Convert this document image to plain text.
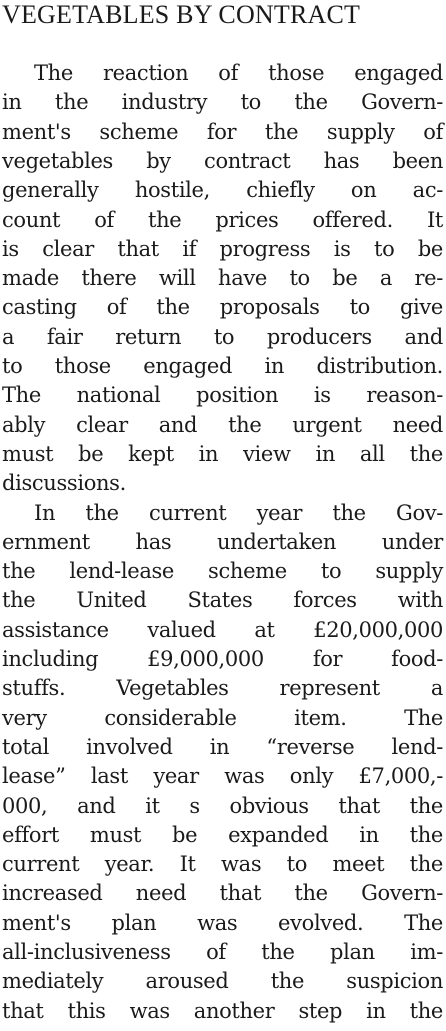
VEGETABLES BY CONTRACT
The reaction of those engaged
in the industry to the Govern-
ment's scheme for the supply of
vegetables by contract has been
generally hostile, chiefly on ac-
count of the prices offered. It
is clear that if progress is to be
made there will have to be a re-
casting of the proposals to give
a fair return to producers and
to those engaged in distribution.
The national position is reason-
ably clear and the urgent need
must be kept in view in all the
discussions.
In the current year the Gov-
ernment has undertaken under
the lend-lease scheme to supply
the United States forces with
assistance valued at £20,000,000
including £9,000,000 for food-
stuffs. Vegetables represent a
very considerable item. The
total involved in “reverse lend-
lease” last year was only £7,000,-
000, and it s obvious that the
effort must be expanded in the
current year. It was to meet the
increased need that the Govern-
ment's plan was evolved. The
all-inclusiveness of the plan im-
mediately aroused the suspicion
that this was another step in the
